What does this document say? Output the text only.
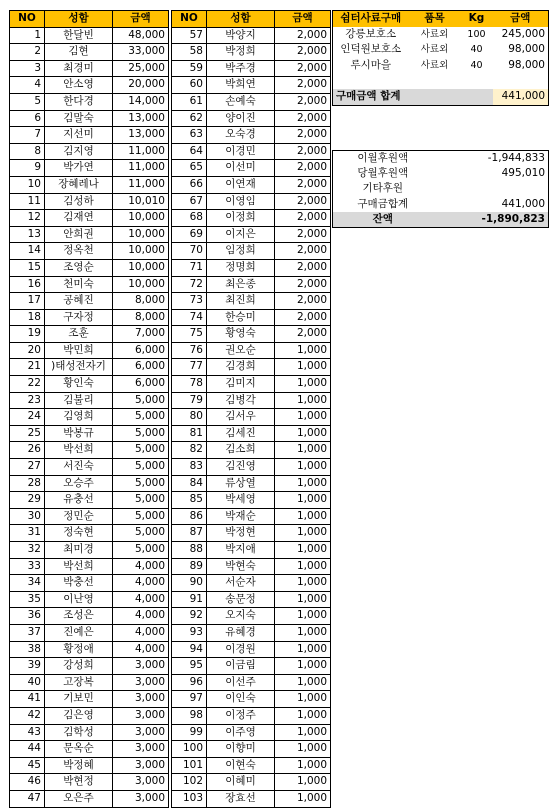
NO	성함	금액
1	한달빈	48,000
2	김현	33,000
3	최경미	25,000
4	안소영	20,000
5	한다경	14,000
6	김말숙	13,000
7	지선미	13,000
8	김지영	11,000
9	박가연	11,000
10	장혜레나	11,000
11	김성하	10,010
12	김재연	10,000
13	안희권	10,000
14	정옥천	10,000
15	조영순	10,000
16	천미숙	10,000
17	공혜진	8,000
18	구자정	8,000
19	조훈	7,000
20	박민희	6,000
21	)태성전자기	6,000
22	황인숙	6,000
23	김불리	5,000
24	김영희	5,000
25	박봉규	5,000
26	박선희	5,000
27	서진숙	5,000
28	오승주	5,000
29	유충선	5,000
30	정민순	5,000
31	정숙현	5,000
32	최미경	5,000
33	박선희	4,000
34	박충선	4,000
35	이난영	4,000
36	조성은	4,000
37	진예은	4,000
38	황정애	4,000
39	강성희	3,000
40	고장복	3,000
41	기보민	3,000
42	김은영	3,000
43	김학성	3,000
44	문옥순	3,000
45	박정혜	3,000
46	박현정	3,000
47	오은주	3,000
NO	성함	금액
57	박양지	2,000
58	박정희	2,000
59	박주경	2,000
60	박희연	2,000
61	손예숙	2,000
62	양이진	2,000
63	오숙경	2,000
64	이경민	2,000
65	이선미	2,000
66	이연재	2,000
67	이영임	2,000
68	이정희	2,000
69	이지은	2,000
70	임정희	2,000
71	정명희	2,000
72	최은종	2,000
73	최진희	2,000
74	한승미	2,000
75	황영숙	2,000
76	권오순	1,000
77	김경희	1,000
78	김미지	1,000
79	김병각	1,000
80	김서우	1,000
81	김세진	1,000
82	김소희	1,000
83	김진영	1,000
84	류상열	1,000
85	박세영	1,000
86	박재순	1,000
87	박정현	1,000
88	박지애	1,000
89	박현숙	1,000
90	서순자	1,000
91	송문정	1,000
92	오지숙	1,000
93	유혜경	1,000
94	이경원	1,000
95	이금림	1,000
96	이선주	1,000
97	이인숙	1,000
98	이정주	1,000
99	이주영	1,000
100	이향미	1,000
101	이현숙	1,000
102	이혜미	1,000
103	장효선	1,000
쉼터사료구매	품목	Kg	금액
강릉보호소	사료외	100	245,000
인덕원보호소	사료외	40	98,000
루시마을	사료외	40	98,000

구매금액 합계			441,000
이월후원액	-1,944,833
당월후원액	495,010
기타후원	
구매금합계	441,000
잔액	-1,890,823
